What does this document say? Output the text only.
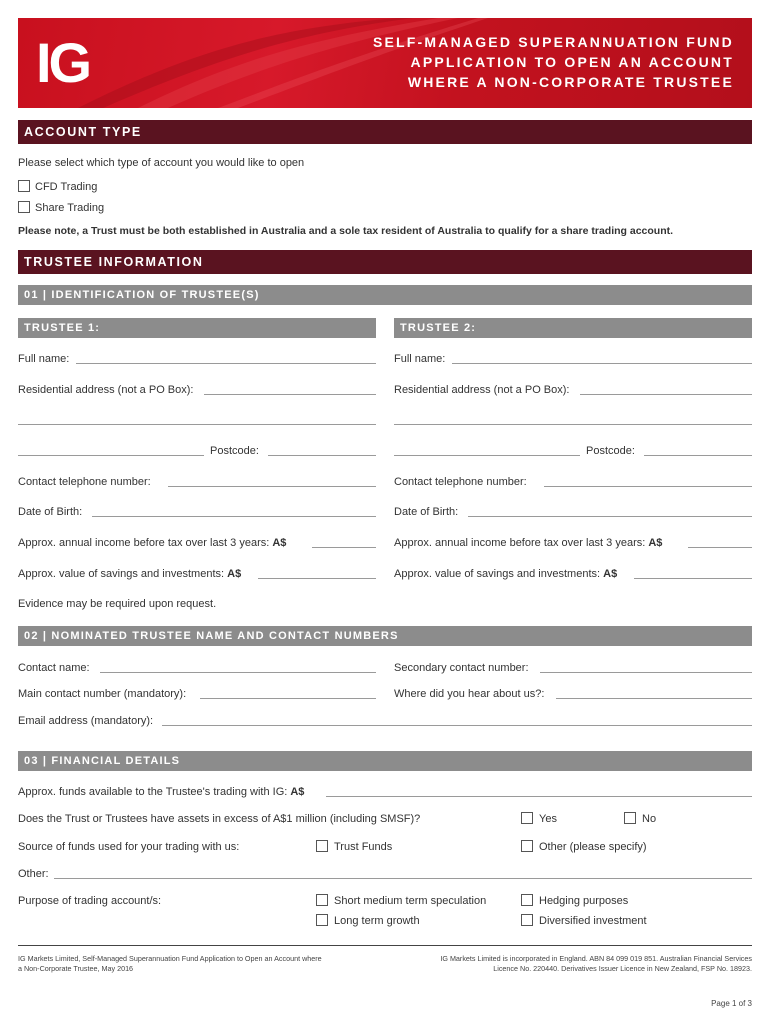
IG	SELF-MANAGED SUPERANNUATION FUND
APPLICATION TO OPEN AN ACCOUNT
WHERE A NON-CORPORATE TRUSTEE
ACCOUNT TYPE
Please select which type of account you would like to open
CFD Trading
Share Trading
Please note, a Trust must be both established in Australia and a sole tax resident of Australia to qualify for a share trading account.
TRUSTEE INFORMATION
01 | IDENTIFICATION OF TRUSTEE(S)
TRUSTEE 1:	TRUSTEE 2:
Full name:
Residential address (not a PO Box):
Postcode:
Contact telephone number:
Date of Birth:
Approx. annual income before tax over last 3 years: A$
Approx. value of savings and investments: A$
Full name:
Residential address (not a PO Box):
Postcode:
Contact telephone number:
Date of Birth:
Approx. annual income before tax over last 3 years: A$
Approx. value of savings and investments: A$
Evidence may be required upon request.
02 | NOMINATED TRUSTEE NAME AND CONTACT NUMBERS
Contact name:	Secondary contact number:
Main contact number (mandatory):	Where did you hear about us?:
Email address (mandatory):
03 | FINANCIAL DETAILS
Approx. funds available to the Trustee's trading with IG: A$
Does the Trust or Trustees have assets in excess of A$1 million (including SMSF)?	Yes	No
Source of funds used for your trading with us:	Trust Funds	Other (please specify)
Other:
Purpose of trading account/s:	Short medium term speculation	Hedging purposes
Long term growth	Diversified investment
IG Markets Limited, Self-Managed Superannuation Fund Application to Open an Account where
a Non-Corporate Trustee, May 2016
IG Markets Limited is incorporated in England. ABN 84 099 019 851. Australian Financial Services
Licence No. 220440. Derivatives Issuer Licence in New Zealand, FSP No. 18923.
Page 1 of 3
